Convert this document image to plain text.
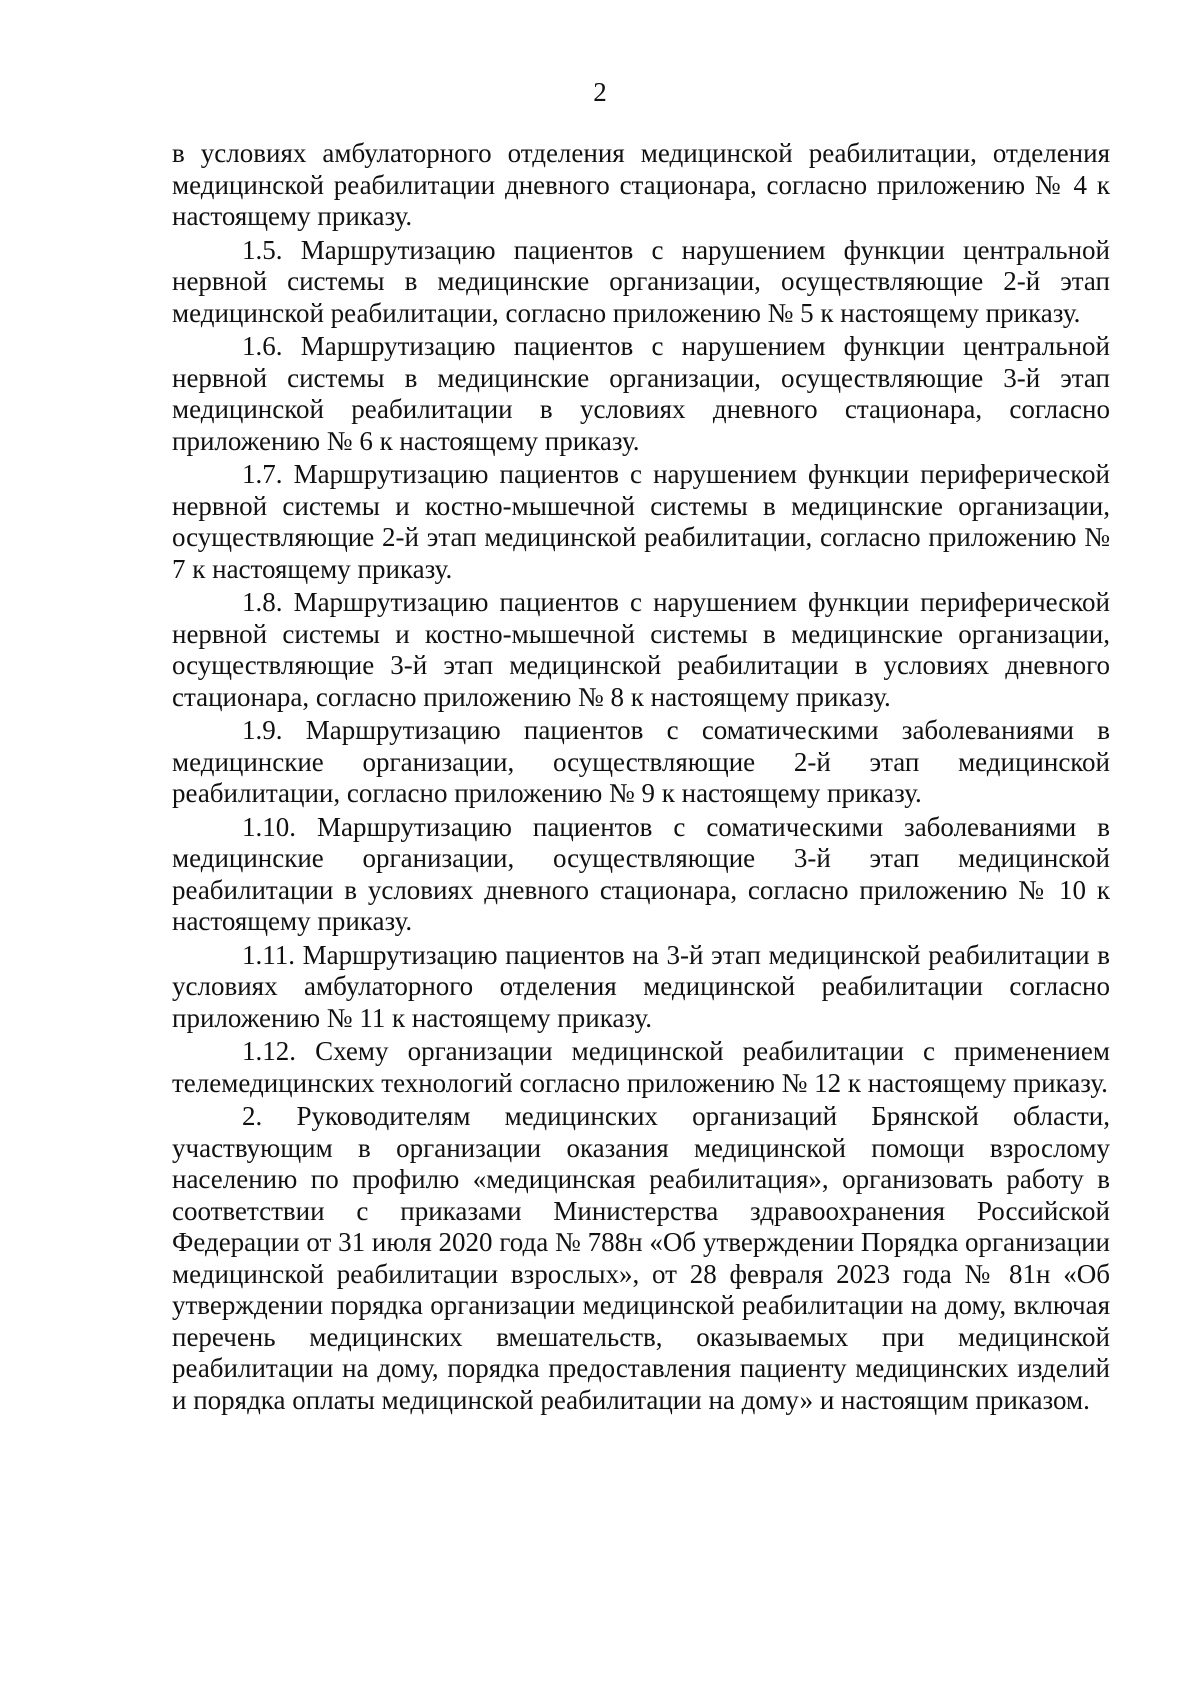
2

в условиях амбулаторного отделения медицинской реабилитации, отделения медицинской реабилитации дневного стационара, согласно приложению № 4 к настоящему приказу.

1.5. Маршрутизацию пациентов с нарушением функции центральной нервной системы в медицинские организации, осуществляющие 2-й этап медицинской реабилитации, согласно приложению № 5 к настоящему приказу.

1.6. Маршрутизацию пациентов с нарушением функции центральной нервной системы в медицинские организации, осуществляющие 3-й этап медицинской реабилитации в условиях дневного стационара, согласно приложению № 6 к настоящему приказу.

1.7. Маршрутизацию пациентов с нарушением функции периферической нервной системы и костно-мышечной системы в медицинские организации, осуществляющие 2-й этап медицинской реабилитации, согласно приложению № 7 к настоящему приказу.

1.8. Маршрутизацию пациентов с нарушением функции периферической нервной системы и костно-мышечной системы в медицинские организации, осуществляющие 3-й этап медицинской реабилитации в условиях дневного стационара, согласно приложению № 8 к настоящему приказу.

1.9. Маршрутизацию пациентов с соматическими заболеваниями в медицинские организации, осуществляющие 2-й этап медицинской реабилитации, согласно приложению № 9 к настоящему приказу.

1.10. Маршрутизацию пациентов с соматическими заболеваниями в медицинские организации, осуществляющие 3-й этап медицинской реабилитации в условиях дневного стационара, согласно приложению № 10 к настоящему приказу.

1.11. Маршрутизацию пациентов на 3-й этап медицинской реабилитации в условиях амбулаторного отделения медицинской реабилитации согласно приложению № 11 к настоящему приказу.

1.12. Схему организации медицинской реабилитации с применением телемедицинских технологий согласно приложению № 12 к настоящему приказу.

2. Руководителям медицинских организаций Брянской области, участвующим в организации оказания медицинской помощи взрослому населению по профилю «медицинская реабилитация», организовать работу в соответствии с приказами Министерства здравоохранения Российской Федерации от 31 июля 2020 года № 788н «Об утверждении Порядка организации медицинской реабилитации взрослых», от 28 февраля 2023 года № 81н «Об утверждении порядка организации медицинской реабилитации на дому, включая перечень медицинских вмешательств, оказываемых при медицинской реабилитации на дому, порядка предоставления пациенту медицинских изделий и порядка оплаты медицинской реабилитации на дому» и настоящим приказом.
